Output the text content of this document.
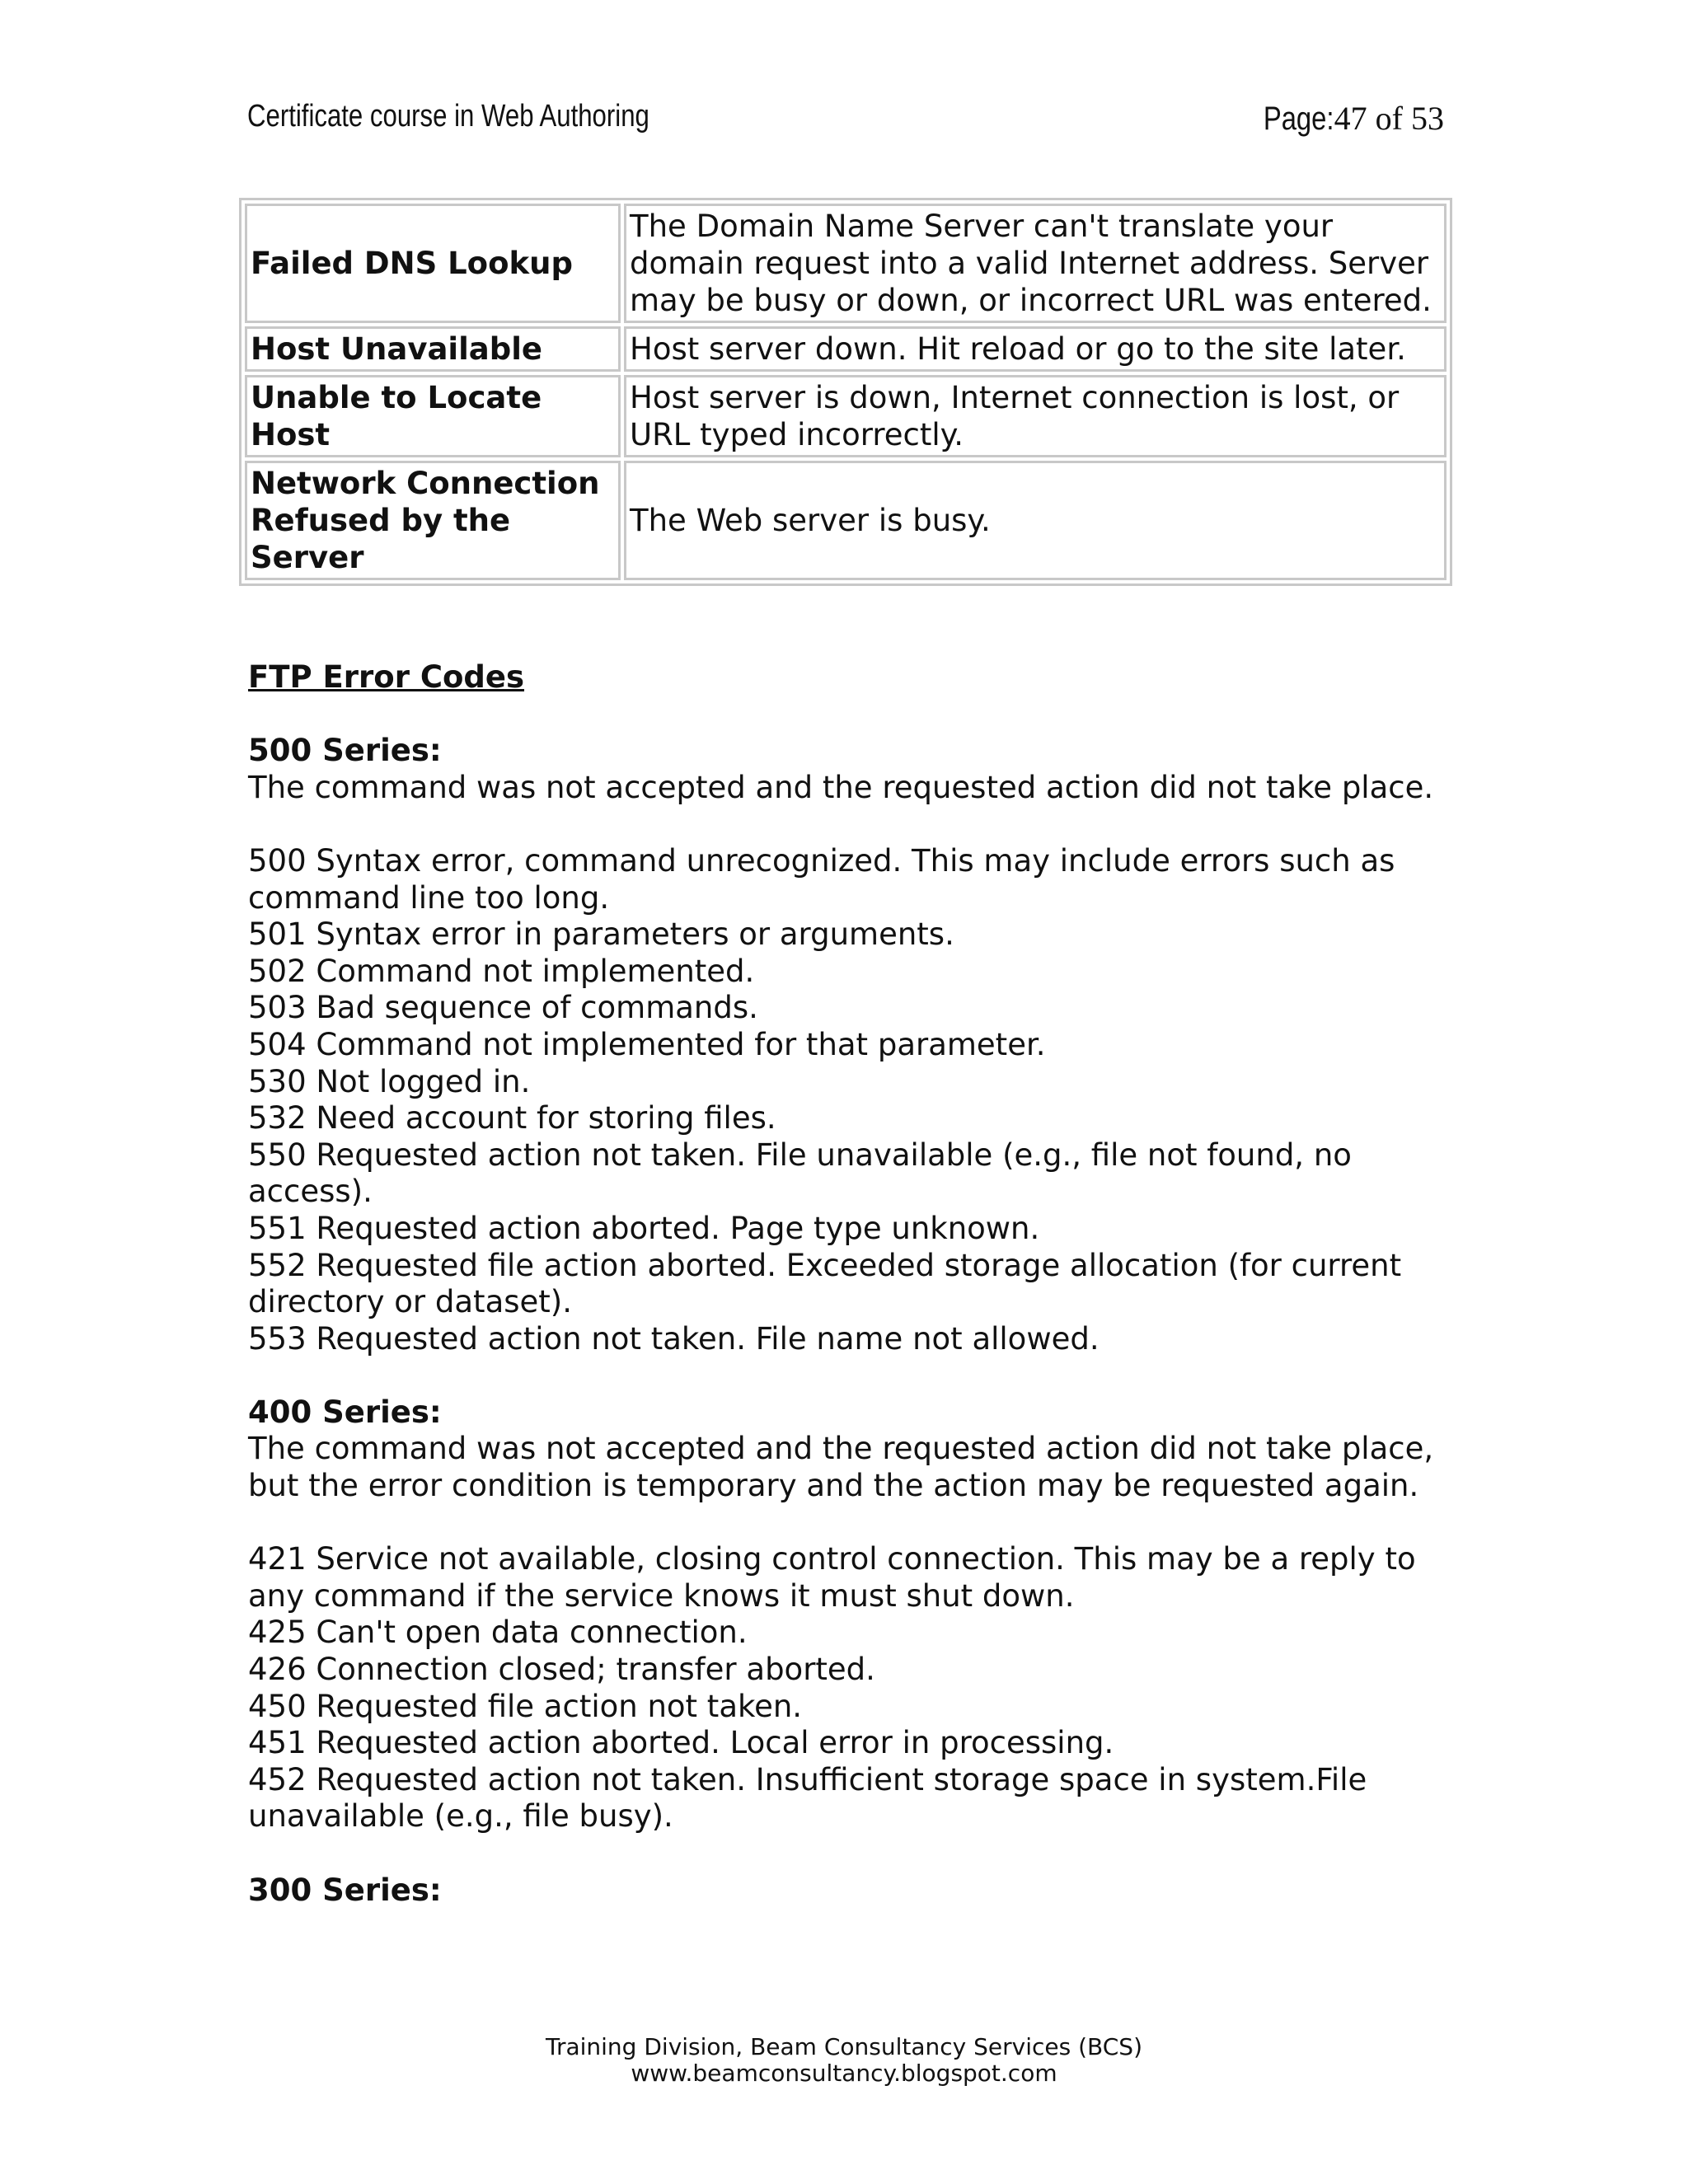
Certificate course in Web Authoring	Page:47 of 53
Failed DNS Lookup	The Domain Name Server can't translate your domain request into a valid Internet address. Server may be busy or down, or incorrect URL was entered.
Host Unavailable	Host server down. Hit reload or go to the site later.
Unable to Locate Host	Host server is down, Internet connection is lost, or URL typed incorrectly.
Network Connection Refused by the Server	The Web server is busy.

FTP Error Codes

500 Series:

The command was not accepted and the requested action did not take place.

500 Syntax error, command unrecognized. This may include errors such as command line too long.

501 Syntax error in parameters or arguments.

502 Command not implemented.

503 Bad sequence of commands.

504 Command not implemented for that parameter.

530 Not logged in.

532 Need account for storing files.

550 Requested action not taken. File unavailable (e.g., file not found, no access).

551 Requested action aborted. Page type unknown.

552 Requested file action aborted. Exceeded storage allocation (for current directory or dataset).

553 Requested action not taken. File name not allowed.

400 Series:

The command was not accepted and the requested action did not take place, but the error condition is temporary and the action may be requested again.

421 Service not available, closing control connection. This may be a reply to any command if the service knows it must shut down.

425 Can't open data connection.

426 Connection closed; transfer aborted.

450 Requested file action not taken.

451 Requested action aborted. Local error in processing.

452 Requested action not taken. Insufficient storage space in system.File unavailable (e.g., file busy).

300 Series:

Training Division, Beam Consultancy Services (BCS)
www.beamconsultancy.blogspot.com
